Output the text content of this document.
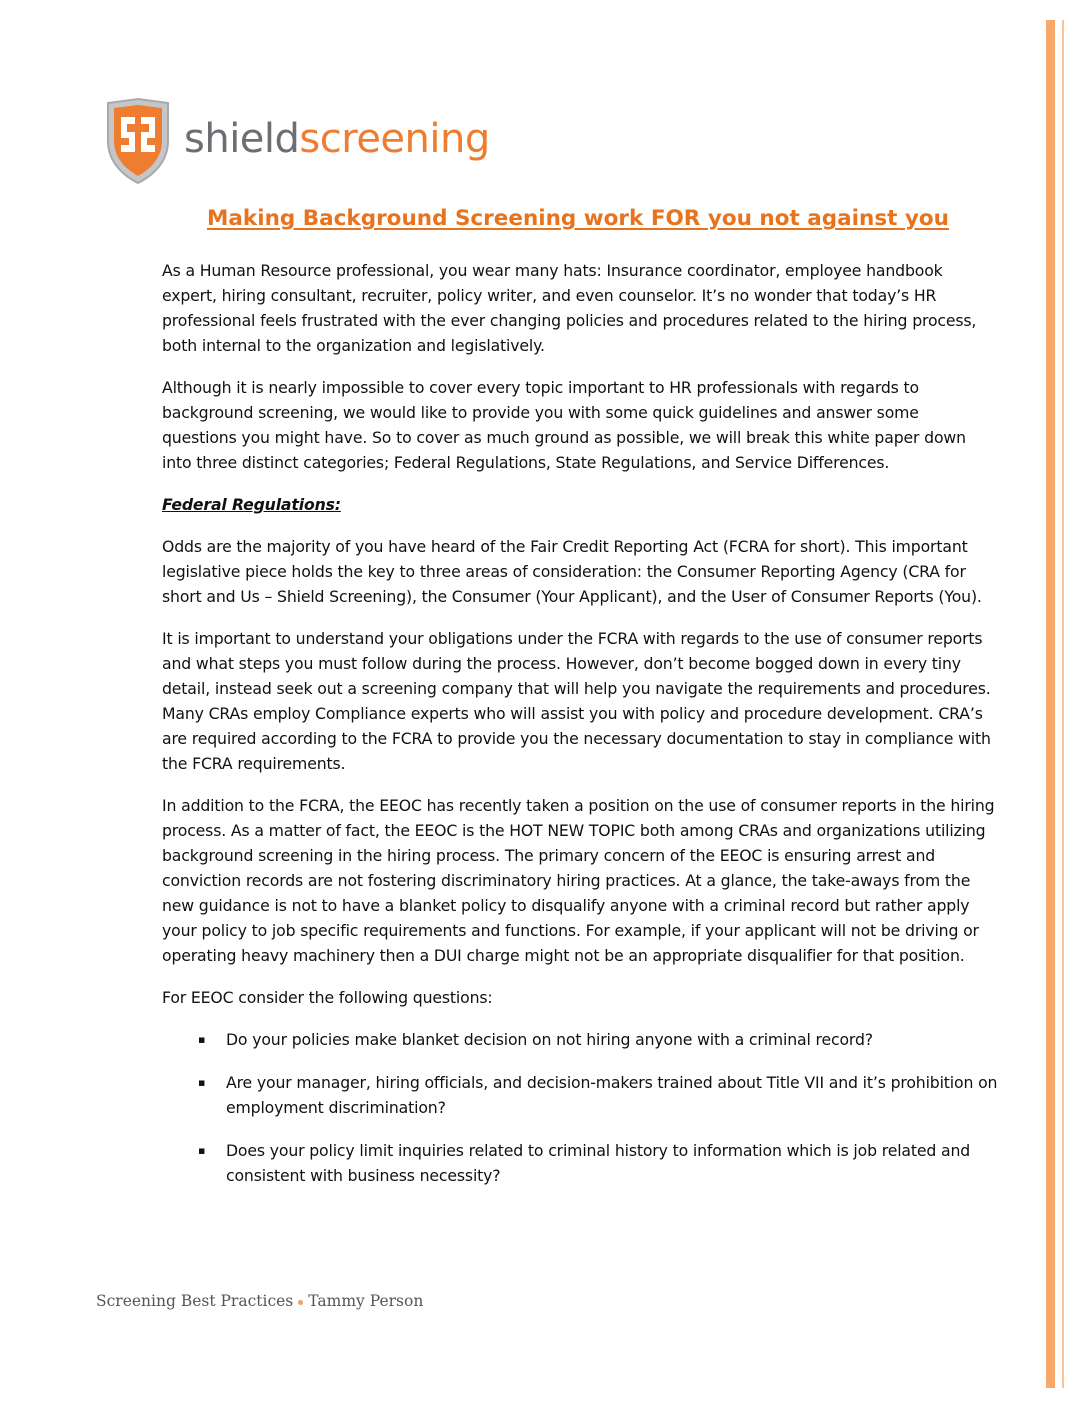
shieldscreening
Making Background Screening work FOR you not against you

As a Human Resource professional, you wear many hats: Insurance coordinator, employee handbook expert, hiring consultant, recruiter, policy writer, and even counselor. It’s no wonder that today’s HR professional feels frustrated with the ever changing policies and procedures related to the hiring process, both internal to the organization and legislatively.

Although it is nearly impossible to cover every topic important to HR professionals with regards to background screening, we would like to provide you with some quick guidelines and answer some questions you might have. So to cover as much ground as possible, we will break this white paper down into three distinct categories; Federal Regulations, State Regulations, and Service Differences.

Federal Regulations:

Odds are the majority of you have heard of the Fair Credit Reporting Act (FCRA for short). This important legislative piece holds the key to three areas of consideration: the Consumer Reporting Agency (CRA for short and Us – Shield Screening), the Consumer (Your Applicant), and the User of Consumer Reports (You).

It is important to understand your obligations under the FCRA with regards to the use of consumer reports and what steps you must follow during the process. However, don’t become bogged down in every tiny detail, instead seek out a screening company that will help you navigate the requirements and procedures. Many CRAs employ Compliance experts who will assist you with policy and procedure development. CRA’s are required according to the FCRA to provide you the necessary documentation to stay in compliance with the FCRA requirements.

In addition to the FCRA, the EEOC has recently taken a position on the use of consumer reports in the hiring process. As a matter of fact, the EEOC is the HOT NEW TOPIC both among CRAs and organizations utilizing background screening in the hiring process. The primary concern of the EEOC is ensuring arrest and conviction records are not fostering discriminatory hiring practices. At a glance, the take-aways from the new guidance is not to have a blanket policy to disqualify anyone with a criminal record but rather apply your policy to job specific requirements and functions. For example, if your applicant will not be driving or operating heavy machinery then a DUI charge might not be an appropriate disqualifier for that position.

For EEOC consider the following questions:

▪ Do your policies make blanket decision on not hiring anyone with a criminal record?
▪ Are your manager, hiring officials, and decision-makers trained about Title VII and it’s prohibition on employment discrimination?
▪ Does your policy limit inquiries related to criminal history to information which is job related and consistent with business necessity?
Screening Best Practices Tammy Person
